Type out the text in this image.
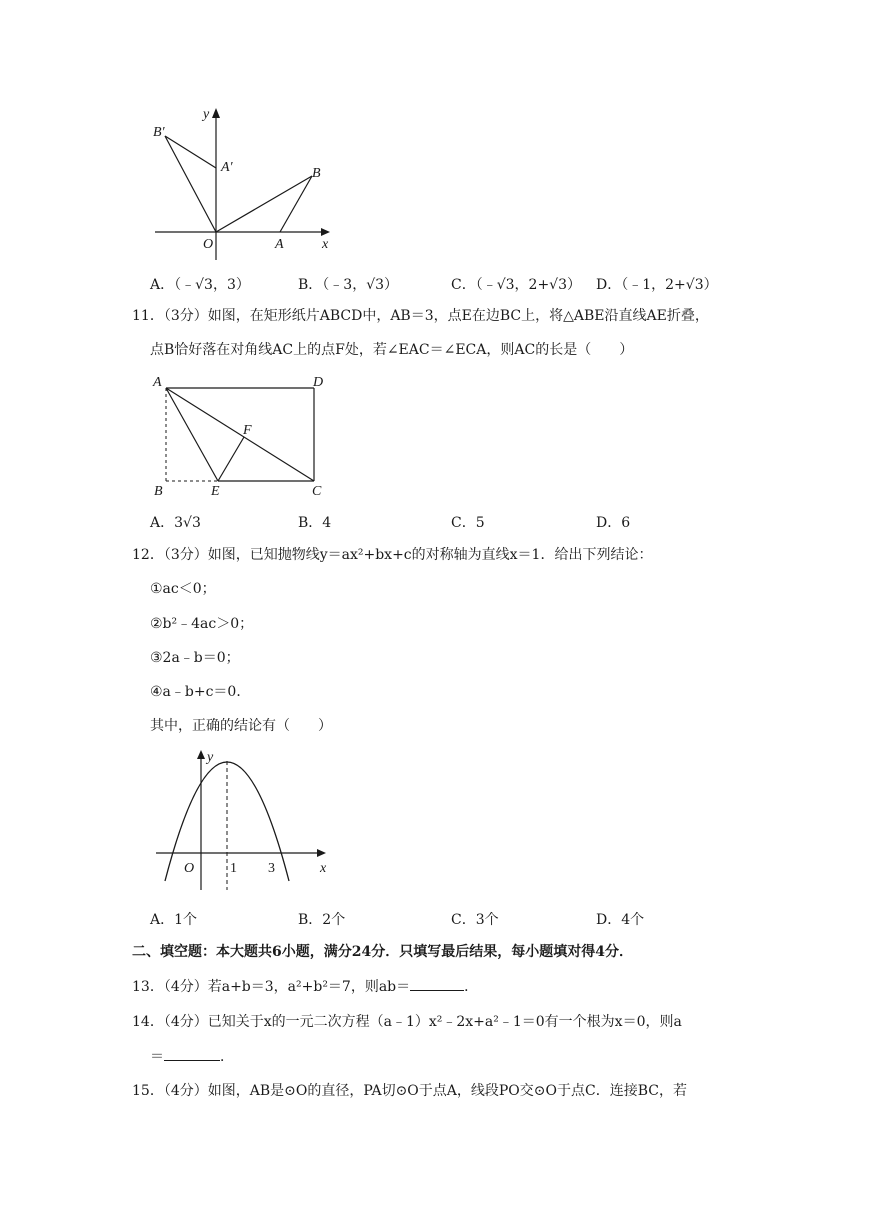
y
x
O	A
B
A′
B′
A．（﹣√3，3）	B．（﹣3，√3）	C．（﹣√3，2+√3） D．（﹣1，2+√3）
11．（3分）如图，在矩形纸片ABCD中，AB＝3，点E在边BC上，将△ABE沿直线AE折叠，
点B恰好落在对角线AC上的点F处，若∠EAC＝∠ECA，则AC的长是（　　）
A	D
B	E	C
F
A．3√3	B．4	C．5	D．6
12．（3分）如图，已知抛物线y＝ax²+bx+c的对称轴为直线x＝1．给出下列结论：
①ac＜0；
②b²﹣4ac＞0；
③2a﹣b＝0；
④a﹣b+c＝0．
其中，正确的结论有（　　）
y
x
O	1 3
A．1个	B．2个	C．3个	D．4个
二、填空题：本大题共6小题，满分24分．只填写最后结果，每小题填对得4分．
13．（4分）若a+b＝3，a²+b²＝7，则ab＝	．
14．（4分）已知关于x的一元二次方程（a﹣1）x²﹣2x+a²﹣1＝0有一个根为x＝0，则a
＝	．
15．（4分）如图，AB是⊙O的直径，PA切⊙O于点A，线段PO交⊙O于点C．连接BC，若
